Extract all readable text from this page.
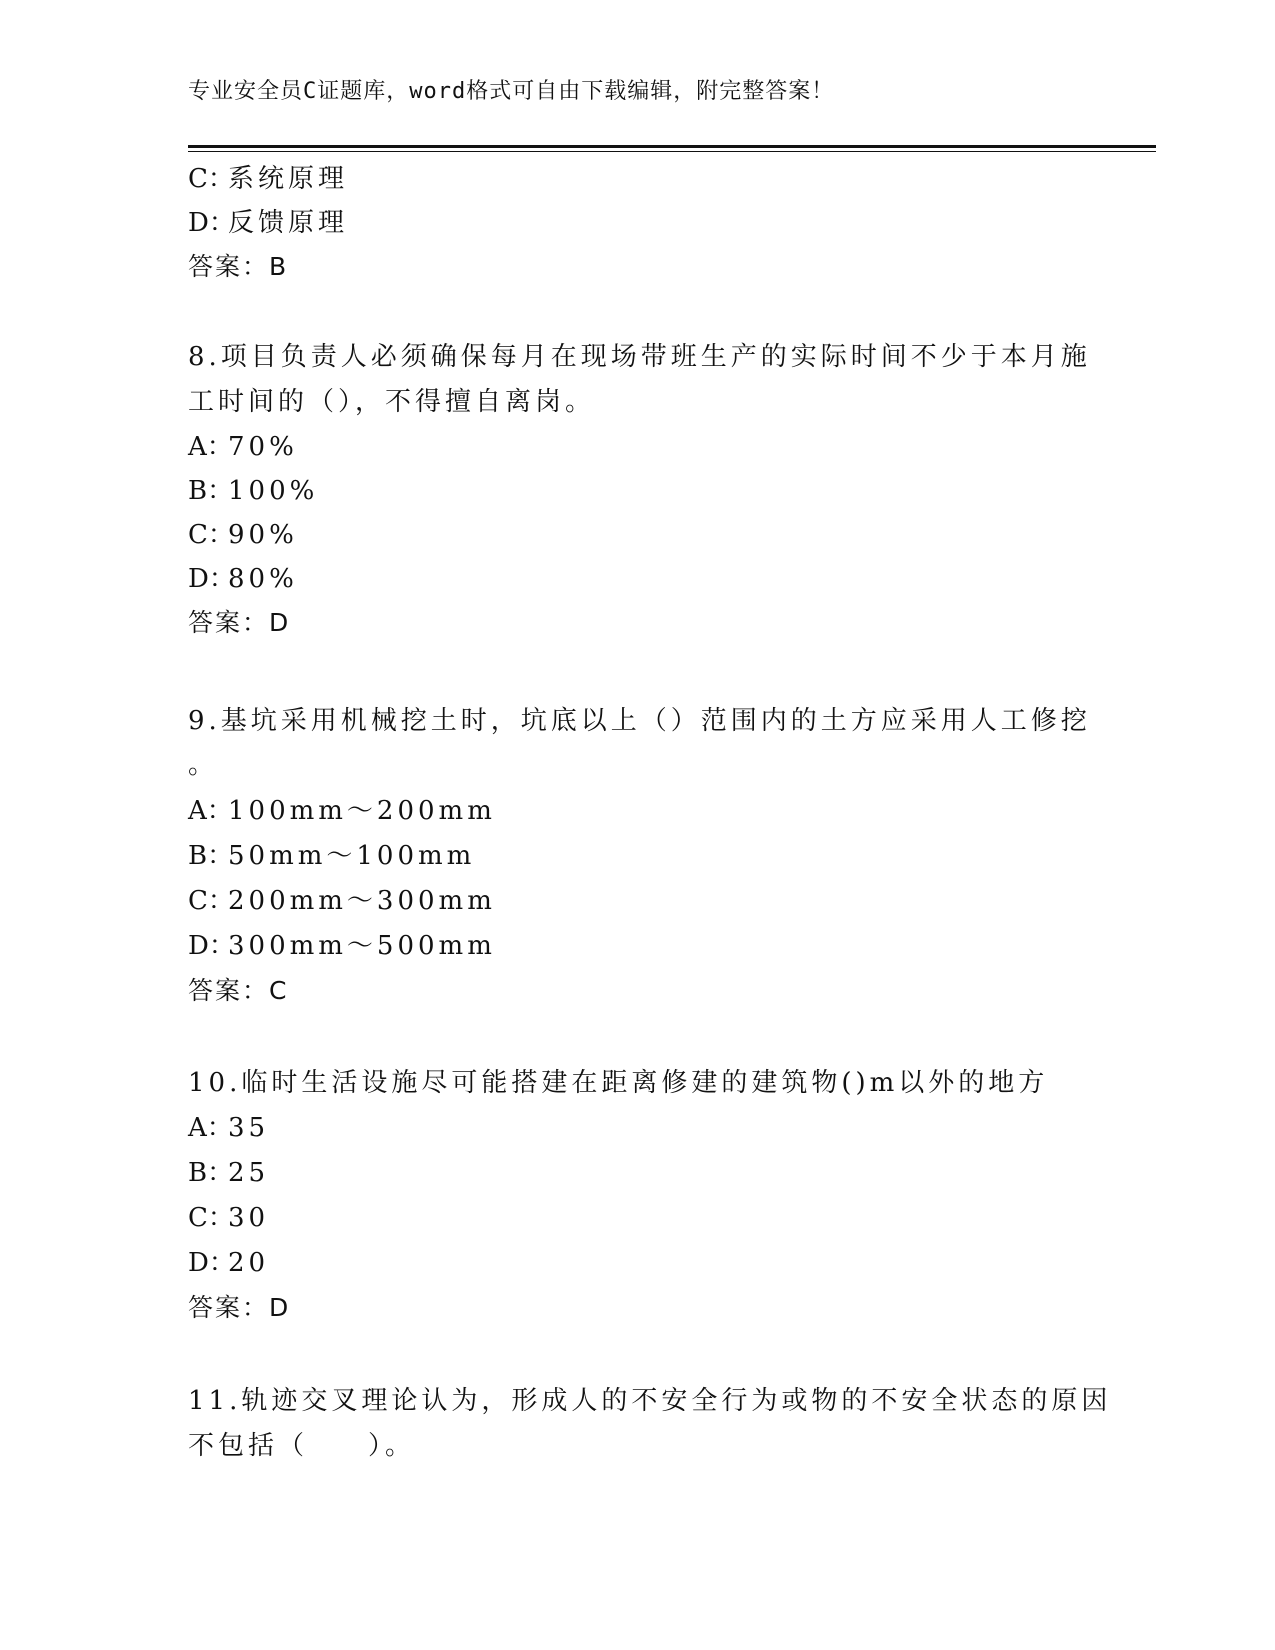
专业安全员C证题库，word格式可自由下载编辑，附完整答案！
C：系统原理
D：反馈原理
答案：B
8.项目负责人必须确保每月在现场带班生产的实际时间不少于本月施
工时间的（），不得擅自离岗。
A：70%
B：100%
C：90%
D：80%
答案：D
9.基坑采用机械挖土时，坑底以上（）范围内的土方应采用人工修挖
。
A：100mm～200mm
B：50mm～100mm
C：200mm～300mm
D：300mm～500mm
答案：C
10.临时生活设施尽可能搭建在距离修建的建筑物()m以外的地方
A：35
B：25
C：30
D：20
答案：D
11.轨迹交叉理论认为，形成人的不安全行为或物的不安全状态的原因
不包括（　　）。
